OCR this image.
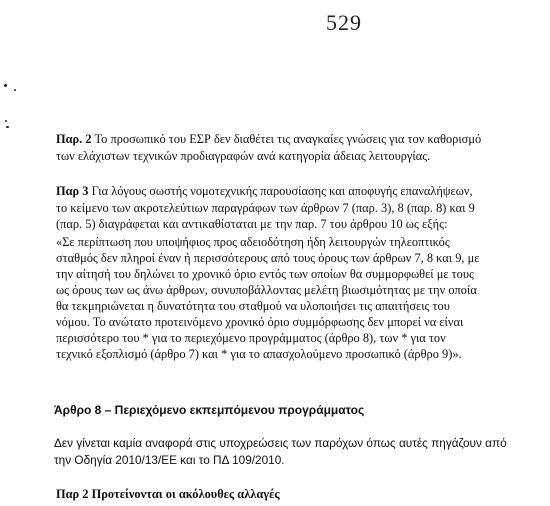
529
Παρ. 2 Το προσωπικό του ΕΣΡ δεν διαθέτει τις αναγκαίες γνώσεις για τον καθορισμό
των ελάχιστων τεχνικών προδιαγραφών ανά κατηγορία άδειας λειτουργίας.
Παρ 3 Για λόγους σωστής νομοτεχνικής παρουσίασης και αποφυγής επαναλήψεων,
το κείμενο των ακροτελεύτιων παραγράφων των άρθρων 7 (παρ. 3), 8 (παρ. 8) και 9
(παρ. 5) διαγράφεται και αντικαθίσταται με την παρ. 7 του άρθρου 10 ως εξής:
«Σε περίπτωση που υποψήφιος προς αδειοδότηση ήδη λειτουργών τηλεοπτικός
σταθμός δεν πληροί έναν ή περισσότερους από τους όρους των άρθρων 7, 8 και 9, με
την αίτησή του δηλώνει το χρονικό όριο εντός των οποίων θα συμμορφωθεί με τους
ως όρους των ως άνω άρθρων, συνυποβάλλοντας μελέτη βιωσιμότητας με την οποία
θα τεκμηριώνεται η δυνατότητα του σταθμού να υλοποιήσει τις απαιτήσεις του
νόμου. Το ανώτατο προτεινόμενο χρονικό όριο συμμόρφωσης δεν μπορεί να είναι
περισσότερο του * για το περιεχόμενο προγράμματος (άρθρο 8), των * για τον
τεχνικό εξοπλισμό (άρθρο 7) και * για το απασχολούμενο προσωπικό (άρθρο 9)».
Άρθρο 8 – Περιεχόμενο εκπεμπόμενου προγράμματος
Δεν γίνεται καμία αναφορά στις υποχρεώσεις των παρόχων όπως αυτές πηγάζουν από
την Οδηγία 2010/13/ΕΕ και το ΠΔ 109/2010.
Παρ 2 Προτείνονται οι ακόλουθες αλλαγές
